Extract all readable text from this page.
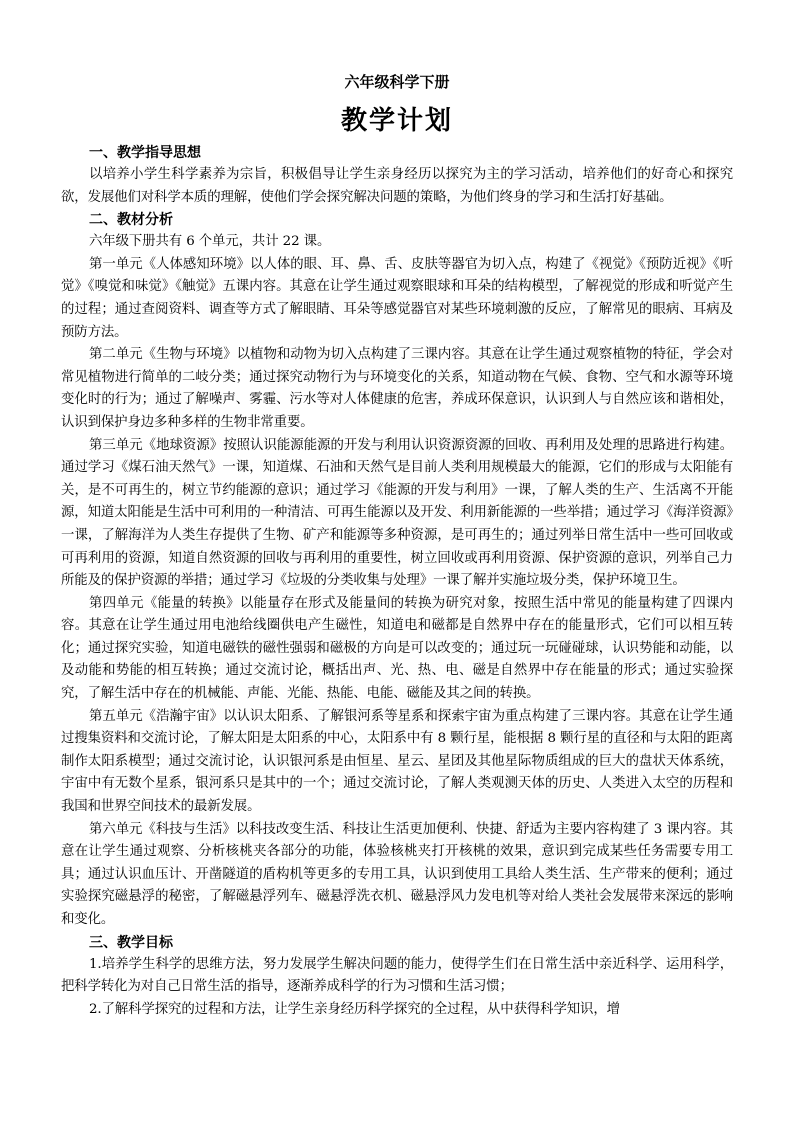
六年级科学下册
教学计划
一、教学指导思想

以培养小学生科学素养为宗旨，积极倡导让学生亲身经历以探究为主的学习活动，培养他们的好奇心和探究欲，发展他们对科学本质的理解，使他们学会探究解决问题的策略，为他们终身的学习和生活打好基础。

二、教材分析

六年级下册共有 6 个单元，共计 22 课。

第一单元《人体感知环境》以人体的眼、耳、鼻、舌、皮肤等器官为切入点，构建了《视觉》《预防近视》《听觉》《嗅觉和味觉》《触觉》五课内容。其意在让学生通过观察眼球和耳朵的结构模型，了解视觉的形成和听觉产生的过程；通过查阅资料、调查等方式了解眼睛、耳朵等感觉器官对某些环境刺激的反应，了解常见的眼病、耳病及预防方法。

第二单元《生物与环境》以植物和动物为切入点构建了三课内容。其意在让学生通过观察植物的特征，学会对常见植物进行简单的二岐分类；通过探究动物行为与环境变化的关系，知道动物在气候、食物、空气和水源等环境变化时的行为；通过了解噪声、雾霾、污水等对人体健康的危害，养成环保意识，认识到人与自然应该和谐相处，认识到保护身边多种多样的生物非常重要。

第三单元《地球资源》按照认识能源能源的开发与利用认识资源资源的回收、再利用及处理的思路进行构建。通过学习《煤石油天然气》一课，知道煤、石油和天然气是目前人类利用规模最大的能源，它们的形成与太阳能有关，是不可再生的，树立节约能源的意识；通过学习《能源的开发与利用》一课，了解人类的生产、生活离不开能源，知道太阳能是生活中可利用的一种清洁、可再生能源以及开发、利用新能源的一些举措；通过学习《海洋资源》一课，了解海洋为人类生存提供了生物、矿产和能源等多种资源，是可再生的；通过列举日常生活中一些可回收或可再利用的资源，知道自然资源的回收与再利用的重要性，树立回收或再利用资源、保护资源的意识，列举自己力所能及的保护资源的举措；通过学习《垃圾的分类收集与处理》一课了解并实施垃圾分类，保护环境卫生。

第四单元《能量的转换》以能量存在形式及能量间的转换为研究对象，按照生活中常见的能量构建了四课内容。其意在让学生通过用电池给线圈供电产生磁性，知道电和磁都是自然界中存在的能量形式，它们可以相互转化；通过探究实验，知道电磁铁的磁性强弱和磁极的方向是可以改变的；通过玩一玩碰碰球，认识势能和动能，以及动能和势能的相互转换；通过交流讨论，概括出声、光、热、电、磁是自然界中存在能量的形式；通过实验探究，了解生活中存在的机械能、声能、光能、热能、电能、磁能及其之间的转换。

第五单元《浩瀚宇宙》以认识太阳系、了解银河系等星系和探索宇宙为重点构建了三课内容。其意在让学生通过搜集资料和交流讨论，了解太阳是太阳系的中心，太阳系中有 8 颗行星，能根据 8 颗行星的直径和与太阳的距离制作太阳系模型；通过交流讨论，认识银河系是由恒星、星云、星团及其他星际物质组成的巨大的盘状天体系统，宇宙中有无数个星系，银河系只是其中的一个；通过交流讨论，了解人类观测天体的历史、人类进入太空的历程和我国和世界空间技术的最新发展。

第六单元《科技与生活》以科技改变生活、科技让生活更加便利、快捷、舒适为主要内容构建了 3 课内容。其意在让学生通过观察、分析核桃夹各部分的功能，体验核桃夹打开核桃的效果，意识到完成某些任务需要专用工具；通过认识血压计、开凿隧道的盾构机等更多的专用工具，认识到使用工具给人类生活、生产带来的便利；通过实验探究磁悬浮的秘密，了解磁悬浮列车、磁悬浮洗衣机、磁悬浮风力发电机等对给人类社会发展带来深远的影响和变化。

三、教学目标

1.培养学生科学的思维方法，努力发展学生解决问题的能力，使得学生们在日常生活中亲近科学、运用科学，把科学转化为对自己日常生活的指导，逐渐养成科学的行为习惯和生活习惯；

2.了解科学探究的过程和方法，让学生亲身经历科学探究的全过程，从中获得科学知识，增
